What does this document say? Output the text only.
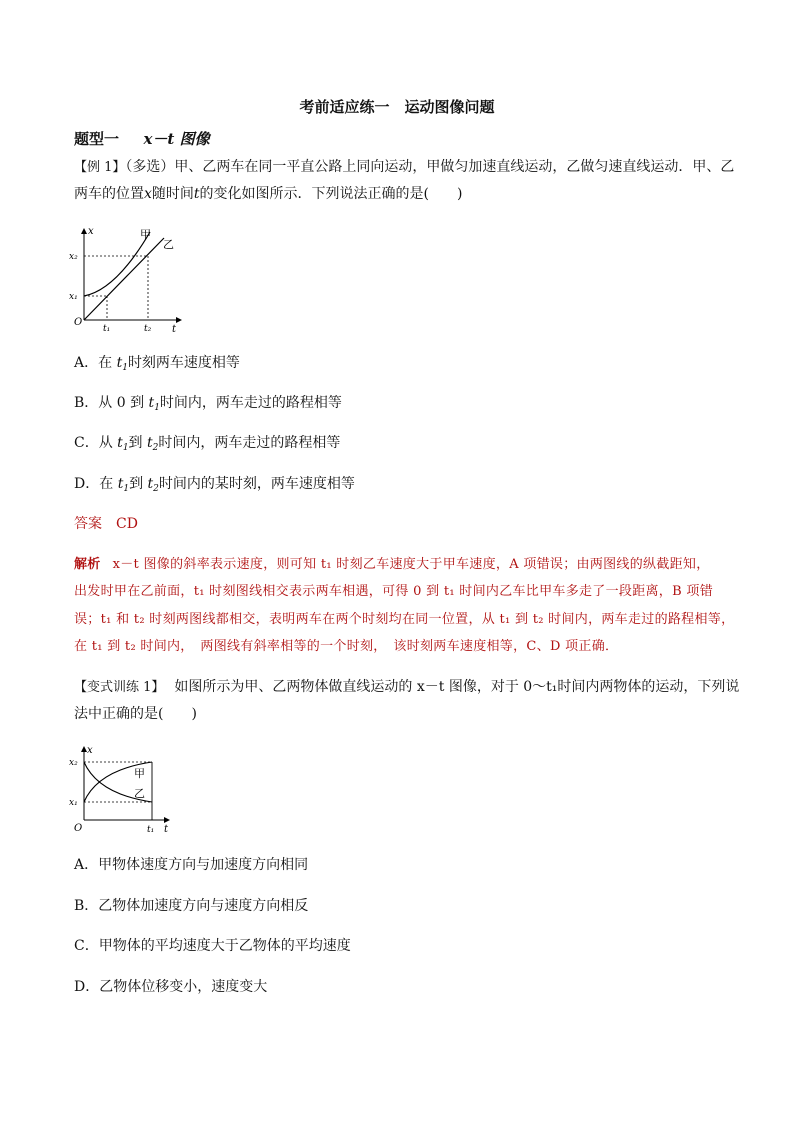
考前适应练一　运动图像问题
题型一 x－t 图像
【例 1】（多选）甲、乙两车在同一平直公路上同向运动，甲做匀加速直线运动，乙做匀速直线运动．甲、乙
两车的位置x随时间t的变化如图所示．下列说法正确的是(　　)
O
x
t
x₁
x₂
t₁	t₂
甲
乙
A．在 $t_1$时刻两车速度相等
B．从 0 到 $t_1$时间内，两车走过的路程相等
C．从 $t_1$到 $t_2$时间内，两车走过的路程相等
D．在 $t_1$到 $t_2$时间内的某时刻，两车速度相等
答案 CD
解析 x－t 图像的斜率表示速度，则可知 t₁ 时刻乙车速度大于甲车速度，A 项错误；由两图线的纵截距知，
出发时甲在乙前面，t₁ 时刻图线相交表示两车相遇，可得 0 到 t₁ 时间内乙车比甲车多走了一段距离，B 项错
误；t₁ 和 t₂ 时刻两图线都相交，表明两车在两个时刻均在同一位置，从 t₁ 到 t₂ 时间内，两车走过的路程相等，
在 t₁ 到 t₂ 时间内，　两图线有斜率相等的一个时刻，　该时刻两车速度相等，C、D 项正确．
【变式训练 1】 如图所示为甲、乙两物体做直线运动的 x－t 图像，对于 0～t₁时间内两物体的运动，下列说
法中正确的是(　　)
x
O	t
x₂
x₁
t₁
甲
乙
A．甲物体速度方向与加速度方向相同
B．乙物体加速度方向与速度方向相反
C．甲物体的平均速度大于乙物体的平均速度
D．乙物体位移变小，速度变大
